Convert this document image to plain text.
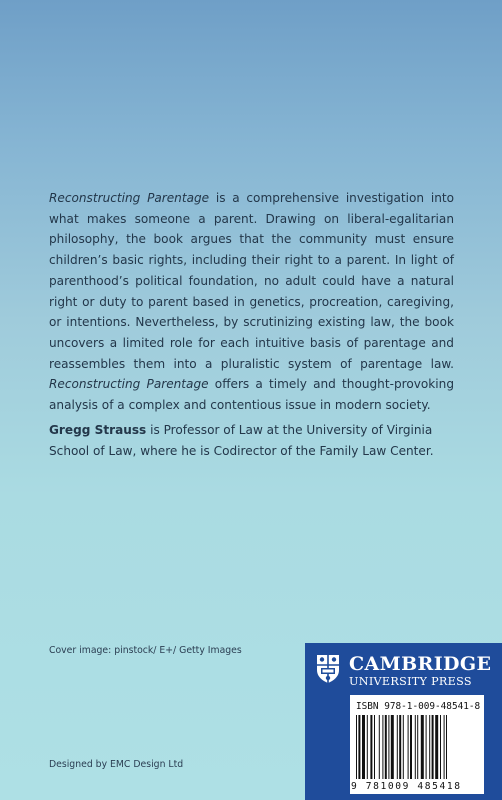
Reconstructing Parentage is a comprehensive investigation into what makes someone a parent. Drawing on liberal-egalitarian philosophy, the book argues that the community must ensure children’s basic rights, including their right to a parent. In light of parenthood’s political foundation, no adult could have a natural right or duty to parent based in genetics, procreation, caregiving, or intentions. Nevertheless, by scrutinizing existing law, the book uncovers a limited role for each intuitive basis of parentage and reassembles them into a pluralistic system of parentage law. Reconstructing Parentage offers a timely and thought-provoking analysis of a complex and contentious issue in modern society.

Gregg Strauss is Professor of Law at the University of Virginia School of Law, where he is Codirector of the Family Law Center.

Cover image: pinstock/ E+/ Getty Images
Designed by EMC Design Ltd
CAMBRIDGE
UNIVERSITY PRESS
ISBN 978-1-009-48541-8
9 781009 485418
